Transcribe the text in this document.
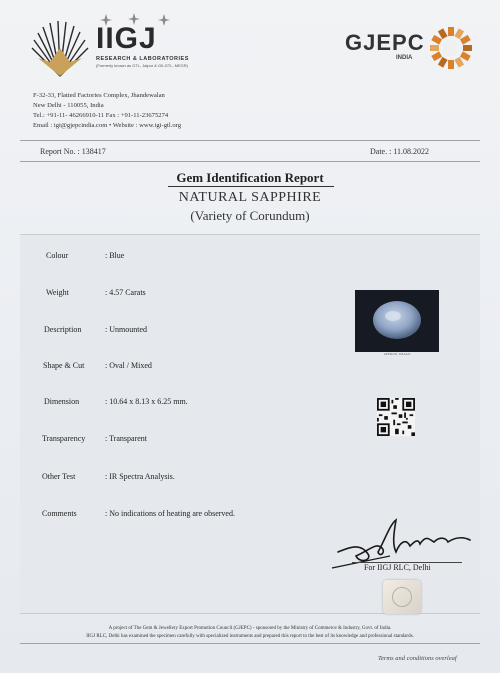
IIGJ
RESEARCH & LABORATORIES
(Formerly known as GTL, Jaipur & GII-GTL, MEGR)
GJEPC
INDIA
F-32-33, Flatted Factories Complex, Jhandewalan
New Delhi - 110055, India
Tel.: +91-11- 46266910-11 Fax : +91-11-23675274
Email : igi@gjepcindia.com • Website : www.igi-gtl.org
Report No. : 138417	Date. : 11.08.2022
Gem Identification Report
NATURAL SAPPHIRE
(Variety of Corundum)
Colour	: Blue
Weight	: 4.57 Carats
Description	: Unmounted
Shape & Cut	: Oval / Mixed
Dimension	: 10.64 x 8.13 x 6.25 mm.
Transparency : Transparent
Other Test	: IR Spectra Analysis.
Comments	: No indications of heating are observed.
APPROX. IMAGE
For IIGJ RLC, Delhi
A project of The Gem & Jewellery Export Promotion Council (GJEPC) - sponsored by the Ministry of Commerce & Industry, Govt. of India.
IIGJ RLC, Delhi has examined the specimen carefully with specialized instruments and prepared this report to the best of its knowledge and professional standards.
Terms and conditions overleaf
